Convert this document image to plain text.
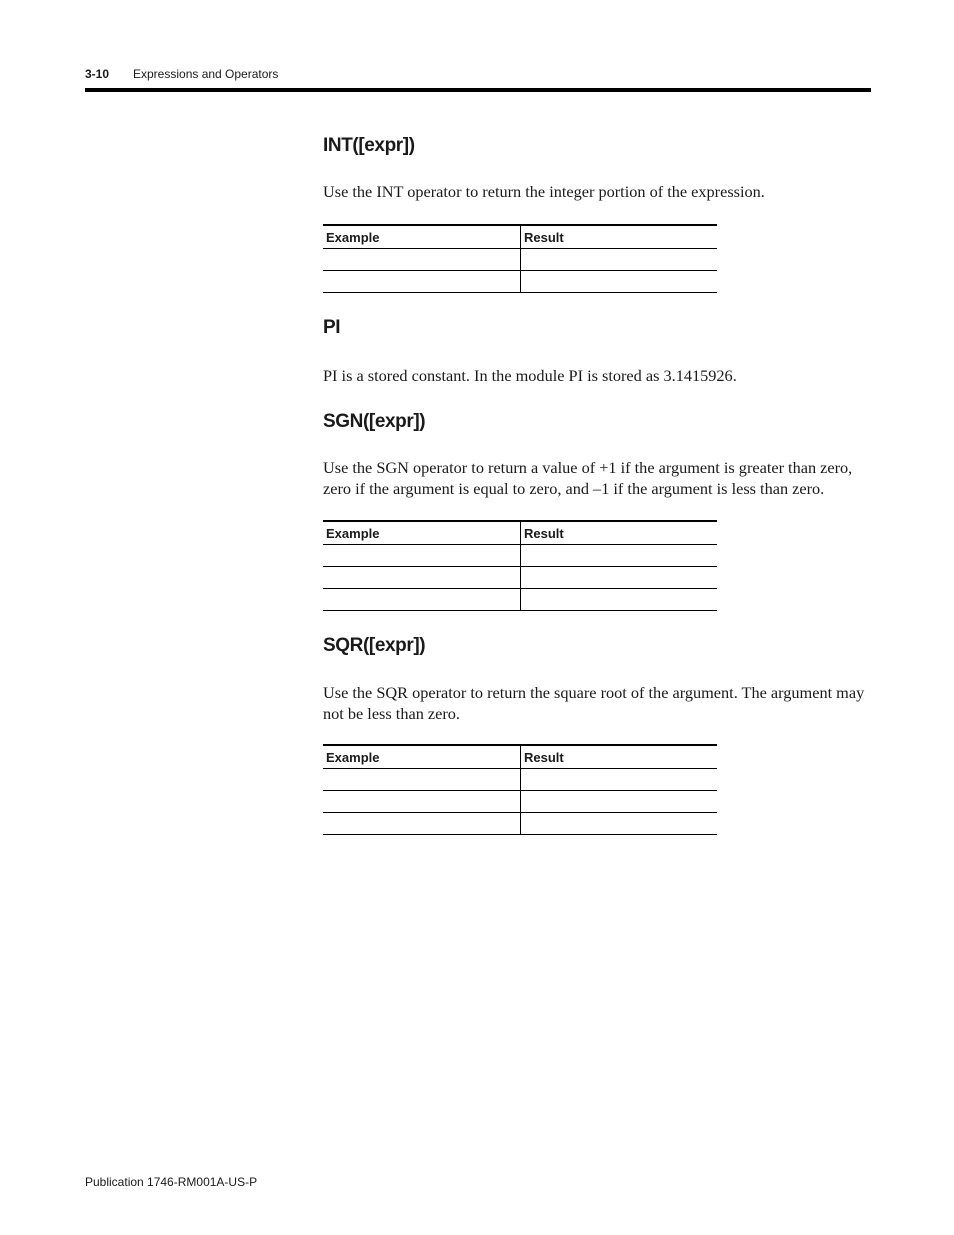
3-10 Expressions and Operators
INT([expr])
Use the INT operator to return the integer portion of the expression.
Example	Result

PI
PI is a stored constant. In the module PI is stored as 3.1415926.
SGN([expr])
Use the SGN operator to return a value of +1 if the argument is greater than zero, zero if the argument is equal to zero, and –1 if the argument is less than zero.
Example	Result

SQR([expr])
Use the SQR operator to return the square root of the argument. The argument may not be less than zero.
Example	Result

Publication 1746-RM001A-US-P
